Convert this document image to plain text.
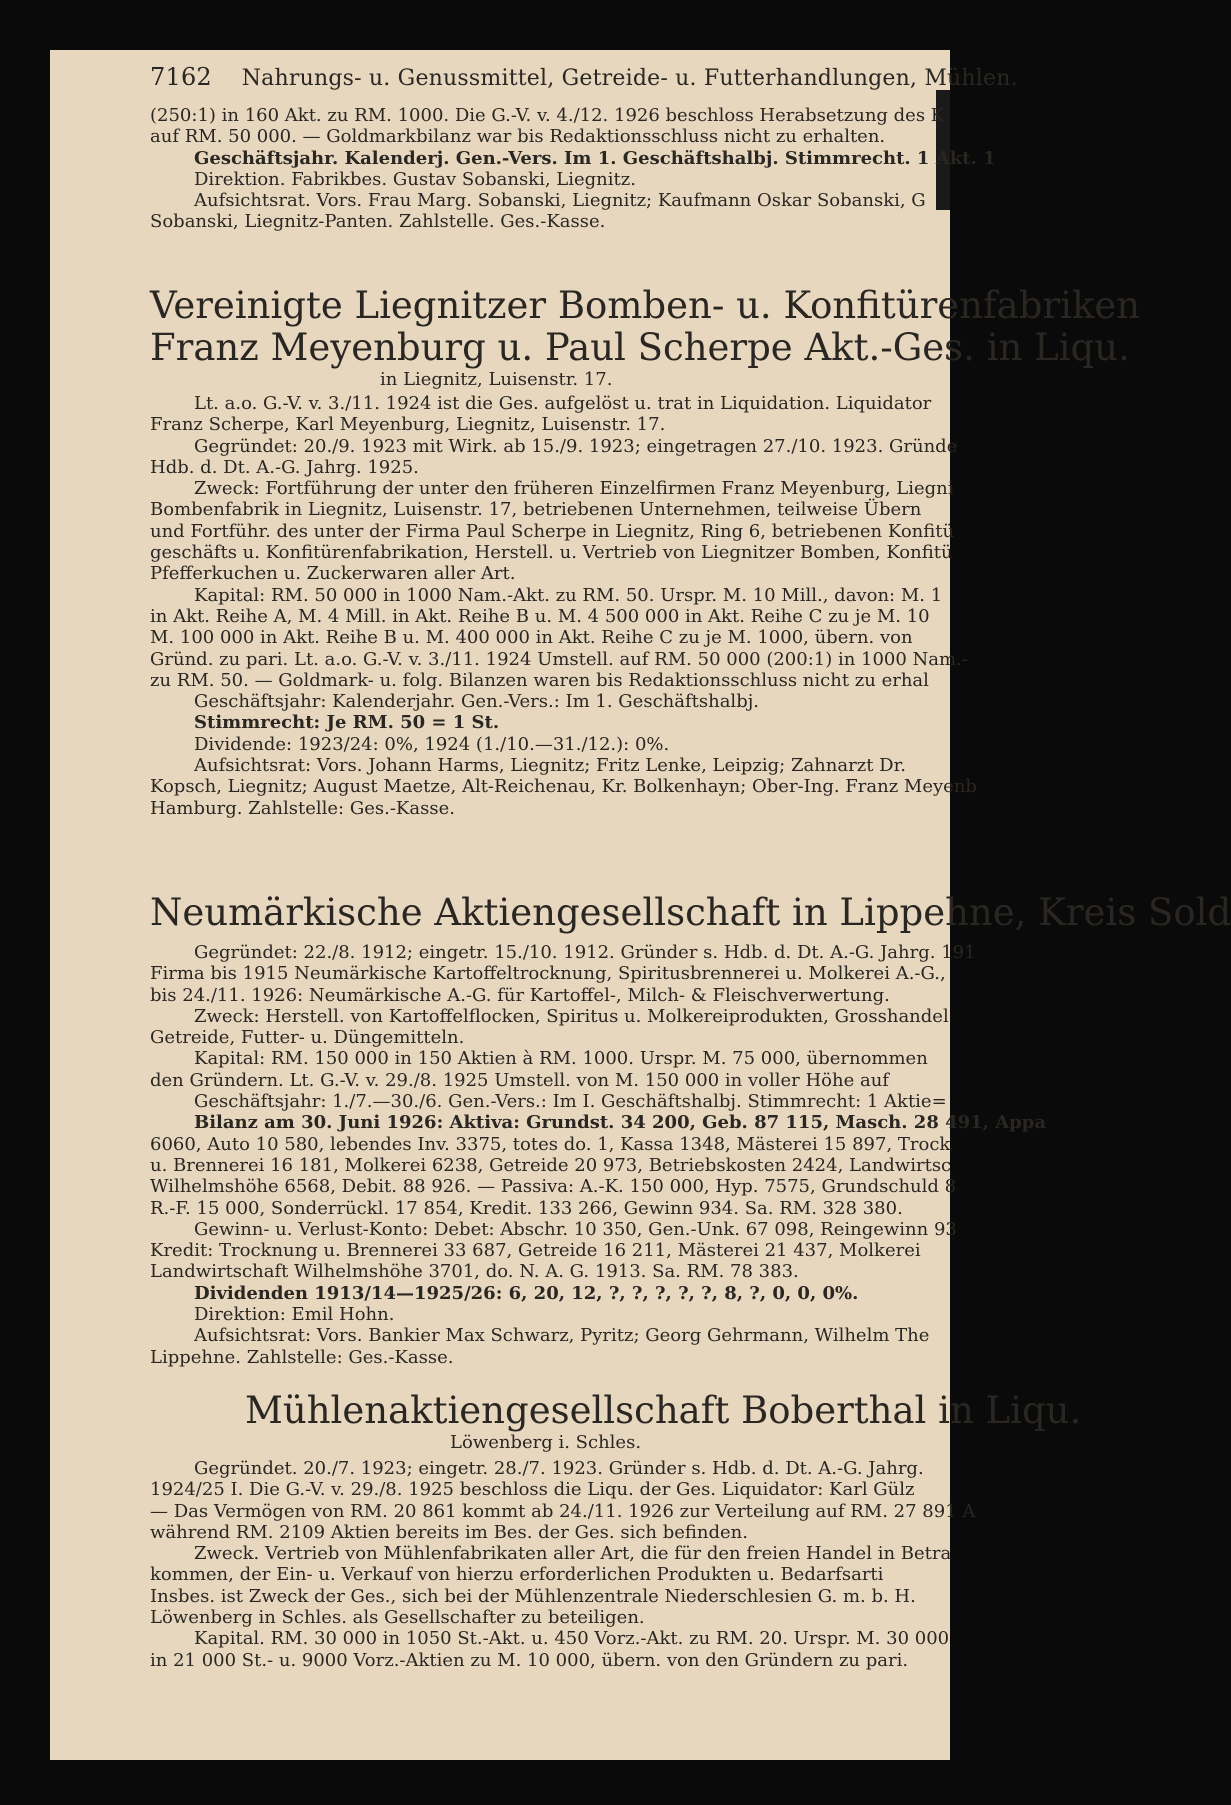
7162 Nahrungs- u. Genussmittel, Getreide- u. Futterhandlungen, Mühlen.
(250:1) in 160 Akt. zu RM. 1000. Die G.-V. v. 4./12. 1926 beschloss Herabsetzung des K
auf RM. 50 000. — Goldmarkbilanz war bis Redaktionsschluss nicht zu erhalten.
Geschäftsjahr. Kalenderj. Gen.-Vers. Im 1. Geschäftshalbj. Stimmrecht. 1 Akt. 1
Direktion. Fabrikbes. Gustav Sobanski, Liegnitz.
Aufsichtsrat. Vors. Frau Marg. Sobanski, Liegnitz; Kaufmann Oskar Sobanski, G
Sobanski, Liegnitz-Panten. Zahlstelle. Ges.-Kasse.
Vereinigte Liegnitzer Bomben- u. Konfitürenfabriken
Franz Meyenburg u. Paul Scherpe Akt.-Ges. in Liqu.
in Liegnitz, Luisenstr. 17.
Lt. a.o. G.-V. v. 3./11. 1924 ist die Ges. aufgelöst u. trat in Liquidation. Liquidator
Franz Scherpe, Karl Meyenburg, Liegnitz, Luisenstr. 17.
Gegründet: 20./9. 1923 mit Wirk. ab 15./9. 1923; eingetragen 27./10. 1923. Gründe
Hdb. d. Dt. A.-G. Jahrg. 1925.
Zweck: Fortführung der unter den früheren Einzelfirmen Franz Meyenburg, Liegni
Bombenfabrik in Liegnitz, Luisenstr. 17, betriebenen Unternehmen, teilweise Übern
und Fortführ. des unter der Firma Paul Scherpe in Liegnitz, Ring 6, betriebenen Konfitü
geschäfts u. Konfitürenfabrikation, Herstell. u. Vertrieb von Liegnitzer Bomben, Konfitü
Pfefferkuchen u. Zuckerwaren aller Art.
Kapital: RM. 50 000 in 1000 Nam.-Akt. zu RM. 50. Urspr. M. 10 Mill., davon: M. 1
in Akt. Reihe A, M. 4 Mill. in Akt. Reihe B u. M. 4 500 000 in Akt. Reihe C zu je M. 10
M. 100 000 in Akt. Reihe B u. M. 400 000 in Akt. Reihe C zu je M. 1000, übern. von
Gründ. zu pari. Lt. a.o. G.-V. v. 3./11. 1924 Umstell. auf RM. 50 000 (200:1) in 1000 Nam.-
zu RM. 50. — Goldmark- u. folg. Bilanzen waren bis Redaktionsschluss nicht zu erhal
Geschäftsjahr: Kalenderjahr. Gen.-Vers.: Im 1. Geschäftshalbj.
Stimmrecht: Je RM. 50 = 1 St.
Dividende: 1923/24: 0%, 1924 (1./10.—31./12.): 0%.
Aufsichtsrat: Vors. Johann Harms, Liegnitz; Fritz Lenke, Leipzig; Zahnarzt Dr.
Kopsch, Liegnitz; August Maetze, Alt-Reichenau, Kr. Bolkenhayn; Ober-Ing. Franz Meyenb
Hamburg. Zahlstelle: Ges.-Kasse.
Neumärkische Aktiengesellschaft in Lippehne, Kreis Sold
Gegründet: 22./8. 1912; eingetr. 15./10. 1912. Gründer s. Hdb. d. Dt. A.-G. Jahrg. 191
Firma bis 1915 Neumärkische Kartoffeltrocknung, Spiritusbrennerei u. Molkerei A.-G.,
bis 24./11. 1926: Neumärkische A.-G. für Kartoffel-, Milch- & Fleischverwertung.
Zweck: Herstell. von Kartoffelflocken, Spiritus u. Molkereiprodukten, Grosshandel
Getreide, Futter- u. Düngemitteln.
Kapital: RM. 150 000 in 150 Aktien à RM. 1000. Urspr. M. 75 000, übernommen
den Gründern. Lt. G.-V. v. 29./8. 1925 Umstell. von M. 150 000 in voller Höhe auf
Geschäftsjahr: 1./7.—30./6. Gen.-Vers.: Im I. Geschäftshalbj. Stimmrecht: 1 Aktie=
Bilanz am 30. Juni 1926: Aktiva: Grundst. 34 200, Geb. 87 115, Masch. 28 491, Appa
6060, Auto 10 580, lebendes Inv. 3375, totes do. 1, Kassa 1348, Mästerei 15 897, Trock
u. Brennerei 16 181, Molkerei 6238, Getreide 20 973, Betriebskosten 2424, Landwirtsc
Wilhelmshöhe 6568, Debit. 88 926. — Passiva: A.-K. 150 000, Hyp. 7575, Grundschuld 8
R.-F. 15 000, Sonderrückl. 17 854, Kredit. 133 266, Gewinn 934. Sa. RM. 328 380.
Gewinn- u. Verlust-Konto: Debet: Abschr. 10 350, Gen.-Unk. 67 098, Reingewinn 93
Kredit: Trocknung u. Brennerei 33 687, Getreide 16 211, Mästerei 21 437, Molkerei
Landwirtschaft Wilhelmshöhe 3701, do. N. A. G. 1913. Sa. RM. 78 383.
Dividenden 1913/14—1925/26: 6, 20, 12, ?, ?, ?, ?, ?, 8, ?, 0, 0, 0%.
Direktion: Emil Hohn.
Aufsichtsrat: Vors. Bankier Max Schwarz, Pyritz; Georg Gehrmann, Wilhelm The
Lippehne. Zahlstelle: Ges.-Kasse.
Mühlenaktiengesellschaft Boberthal in Liqu.
Löwenberg i. Schles.
Gegründet. 20./7. 1923; eingetr. 28./7. 1923. Gründer s. Hdb. d. Dt. A.-G. Jahrg.
1924/25 I. Die G.-V. v. 29./8. 1925 beschloss die Liqu. der Ges. Liquidator: Karl Gülz
— Das Vermögen von RM. 20 861 kommt ab 24./11. 1926 zur Verteilung auf RM. 27 891 A
während RM. 2109 Aktien bereits im Bes. der Ges. sich befinden.
Zweck. Vertrieb von Mühlenfabrikaten aller Art, die für den freien Handel in Betra
kommen, der Ein- u. Verkauf von hierzu erforderlichen Produkten u. Bedarfsarti
Insbes. ist Zweck der Ges., sich bei der Mühlenzentrale Niederschlesien G. m. b. H.
Löwenberg in Schles. als Gesellschafter zu beteiligen.
Kapital. RM. 30 000 in 1050 St.-Akt. u. 450 Vorz.-Akt. zu RM. 20. Urspr. M. 30 000
in 21 000 St.- u. 9000 Vorz.-Aktien zu M. 10 000, übern. von den Gründern zu pari.
